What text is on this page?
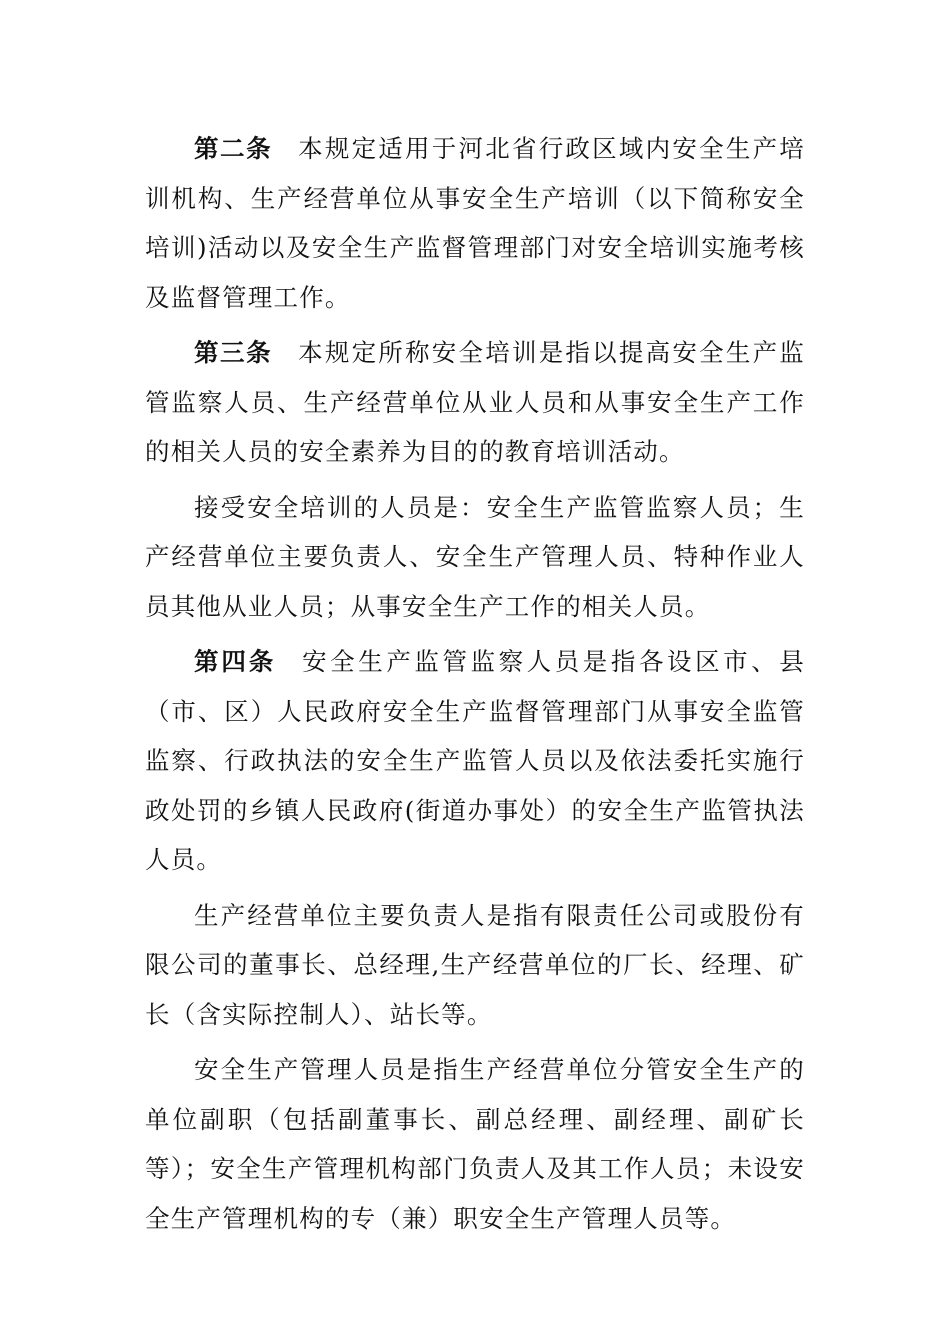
第二条 本规定适用于河北省行政区域内安全生产培训机构、生产经营单位从事安全生产培训（以下简称安全培训)活动以及安全生产监督管理部门对安全培训实施考核及监督管理工作。

第三条 本规定所称安全培训是指以提高安全生产监管监察人员、生产经营单位从业人员和从事安全生产工作的相关人员的安全素养为目的的教育培训活动。

接受安全培训的人员是：安全生产监管监察人员；生产经营单位主要负责人、安全生产管理人员、特种作业人员其他从业人员；从事安全生产工作的相关人员。

第四条 安全生产监管监察人员是指各设区市、县（市、区）人民政府安全生产监督管理部门从事安全监管监察、行政执法的安全生产监管人员以及依法委托实施行政处罚的乡镇人民政府(街道办事处）的安全生产监管执法人员。

生产经营单位主要负责人是指有限责任公司或股份有限公司的董事长、总经理,生产经营单位的厂长、经理、矿长（含实际控制人）、站长等。

安全生产管理人员是指生产经营单位分管安全生产的单位副职（包括副董事长、副总经理、副经理、副矿长等）；安全生产管理机构部门负责人及其工作人员；未设安全生产管理机构的专（兼）职安全生产管理人员等。
